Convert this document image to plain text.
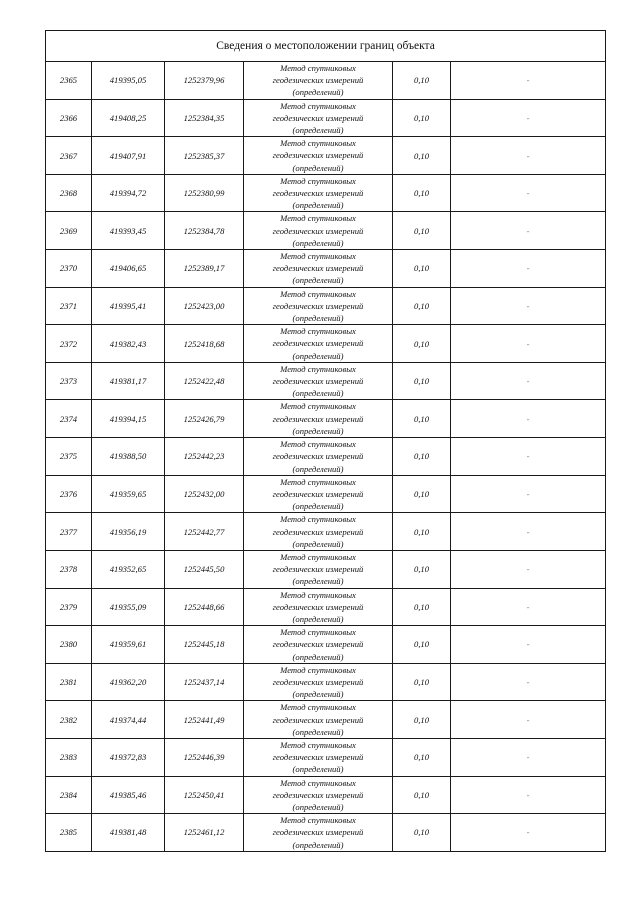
Сведения о местоположении границ объекта					
2365	419395,05	1252379,96	Метод спутниковых
геодезических измерений
(определений)	0,10	-
2366	419408,25	1252384,35	Метод спутниковых
геодезических измерений
(определений)	0,10	-
2367	419407,91	1252385,37	Метод спутниковых
геодезических измерений
(определений)	0,10	-
2368	419394,72	1252380,99	Метод спутниковых
геодезических измерений
(определений)	0,10	-
2369	419393,45	1252384,78	Метод спутниковых
геодезических измерений
(определений)	0,10	-
2370	419406,65	1252389,17	Метод спутниковых
геодезических измерений
(определений)	0,10	-
2371	419395,41	1252423,00	Метод спутниковых
геодезических измерений
(определений)	0,10	-
2372	419382,43	1252418,68	Метод спутниковых
геодезических измерений
(определений)	0,10	-
2373	419381,17	1252422,48	Метод спутниковых
геодезических измерений
(определений)	0,10	-
2374	419394,15	1252426,79	Метод спутниковых
геодезических измерений
(определений)	0,10	-
2375	419388,50	1252442,23	Метод спутниковых
геодезических измерений
(определений)	0,10	-
2376	419359,65	1252432,00	Метод спутниковых
геодезических измерений
(определений)	0,10	-
2377	419356,19	1252442,77	Метод спутниковых
геодезических измерений
(определений)	0,10	-
2378	419352,65	1252445,50	Метод спутниковых
геодезических измерений
(определений)	0,10	-
2379	419355,09	1252448,66	Метод спутниковых
геодезических измерений
(определений)	0,10	-
2380	419359,61	1252445,18	Метод спутниковых
геодезических измерений
(определений)	0,10	-
2381	419362,20	1252437,14	Метод спутниковых
геодезических измерений
(определений)	0,10	-
2382	419374,44	1252441,49	Метод спутниковых
геодезических измерений
(определений)	0,10	-
2383	419372,83	1252446,39	Метод спутниковых
геодезических измерений
(определений)	0,10	-
2384	419385,46	1252450,41	Метод спутниковых
геодезических измерений
(определений)	0,10	-
2385	419381,48	1252461,12	Метод спутниковых
геодезических измерений
(определений)	0,10	-
